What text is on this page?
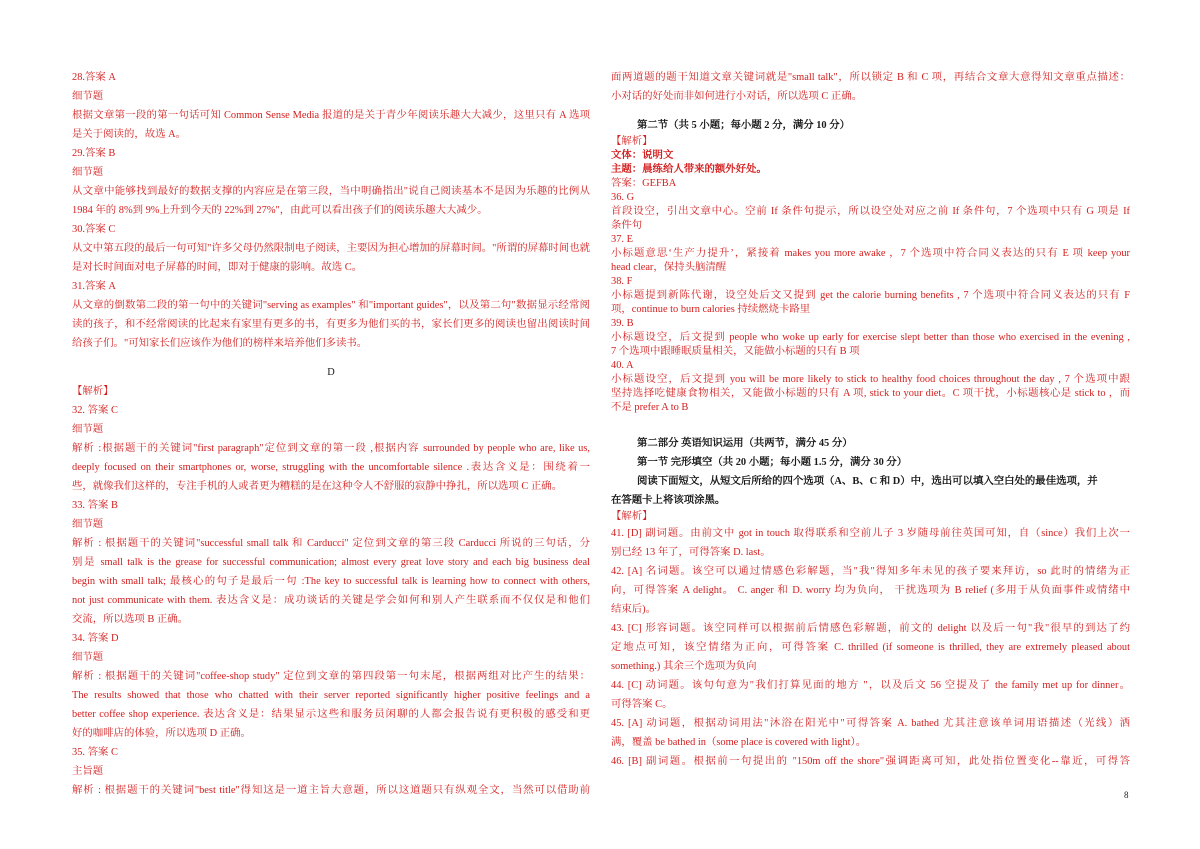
28.答案 A
细节题
根据文章第一段的第一句话可知 Common Sense Media 报道的是关于青少年阅读乐趣大大减少，这里只有 A 选项
是关于阅读的，故选 A。
29.答案 B
细节题
从文章中能够找到最好的数据支撑的内容应是在第三段，当中明确指出"说自己阅读基本不是因为乐趣的比例从
1984 年的 8%到 9%上升到今天的 22%到 27%"，由此可以看出孩子们的阅读乐趣大大减少。
30.答案 C
从文中第五段的最后一句可知"许多父母仍然限制电子阅读，主要因为担心增加的屏幕时间。"所谓的屏幕时间也就
是对长时间面对电子屏幕的时间，即对于健康的影响。故选 C。
31.答案 A
从文章的倒数第二段的第一句中的关键词"serving as examples" 和"important guides"，以及第二句"数据显示经常阅
读的孩子，和不经常阅读的比起来有家里有更多的书，有更多为他们买的书，家长们更多的阅读也留出阅读时间
给孩子们。"可知家长们应该作为他们的榜样来培养他们多读书。
D
【解析】
32. 答案 C
细节题
解析 :根据题干的关键词"first paragraph"定位到文章的第一段 ,根据内容 surrounded by people who are, like us,
deeply focused on their smartphones or, worse, struggling with the uncomfortable silence .表达含义是：围绕着一
些，就像我们这样的，专注手机的人或者更为糟糕的是在这种令人不舒服的寂静中挣扎，所以选项 C 正确。
33. 答案 B
细节题
解析 : 根据题干的关键词"successful small talk 和 Carducci" 定位到文章的第三段 Carducci 所说的三句话，分
别是 small talk is the grease for successful communication; almost every great love story and each big business deal
begin with small talk; 最核心的句子是最后一句 :The key to successful talk is learning how to connect with others,
not just communicate with them. 表达含义是：成功谈话的关键是学会如何和别人产生联系而不仅仅是和他们
交流，所以选项 B 正确。
34. 答案 D
细节题
解析 : 根据题干的关键词"coffee-shop study" 定位到文章的第四段第一句末尾，根据两组对比产生的结果：
The results showed that those who chatted with their server reported significantly higher positive feelings and a
better coffee shop experience. 表达含义是：结果显示这些和服务员闲聊的人都会报告说有更积极的感受和更
好的咖啡店的体验，所以选项 D 正确。
35. 答案 C
主旨题
解析 : 根据题干的关键词"best title"得知这是一道主旨大意题，所以这道题只有纵观全文，当然可以借助前
面两道题的题干知道文章关键词就是"small talk"，所以锁定 B 和 C 项，再结合文章大意得知文章重点描述：
小对话的好处而非如何进行小对话，所以选项 C 正确。
第二节（共 5 小题；每小题 2 分，满分 10 分）
【解析】
文体：说明文
主题：晨练给人带来的额外好处。
答案：GEFBA
36. G
首段设空，引出文章中心。空前 If 条件句提示，所以设空处对应之前 If 条件句，7 个选项中只有 G 项是 If
条件句
37. E
小标题意思‘生产力提升’，紧接着 makes you more awake ，7 个选项中符合同义表达的只有 E 项 keep your
head clear，保持头脑清醒
38. F
小标题提到新陈代谢，设空处后文又提到 get the calorie burning benefits , 7 个选项中符合同义表达的只有 F
项，continue to burn calories 持续燃烧卡路里
39. B
小标题设空，后文提到 people who woke up early for exercise slept better than those who exercised in the evening ,
7 个选项中跟睡眠质量相关，又能做小标题的只有 B 项
40. A
小标题设空，后文提到 you will be more likely to stick to healthy food choices throughout the day , 7 个选项中跟
坚持选择吃健康食物相关，又能做小标题的只有 A 项, stick to your diet。C 项干扰，小标题核心是 stick to ，而
不是 prefer A to B
第二部分 英语知识运用（共两节，满分 45 分）
第一节 完形填空（共 20 小题；每小题 1.5 分，满分 30 分）
阅读下面短文，从短文后所给的四个选项（A、B、C 和 D）中，选出可以填入空白处的最佳选项，并
在答题卡上将该项涂黑。
【解析】
41. [D] 副词题。由前文中 got in touch 取得联系和空前儿子 3 岁随母前往英国可知，自（since）我们上次一
别已经 13 年了，可得答案 D. last。
42. [A] 名词题。该空可以通过情感色彩解题，当"我"得知多年未见的孩子要来拜访，so 此时的情绪为正
向，可得答案 A delight。 C. anger 和 D. worry 均为负向， 干扰选项为 B relief (多用于从负面事件或情绪中
结束后)。
43. [C] 形容词题。该空同样可以根据前后情感色彩解题，前文的 delight 以及后一句"我"很早的到达了约
定地点可知，该空情绪为正向，可得答案 C. thrilled (if someone is thrilled, they are extremely pleased about
something.) 其余三个选项为负向
44. [C] 动词题。该句句意为"我们打算见面的地方 "，以及后文 56 空提及了 the family met up for dinner。
可得答案 C。
45. [A] 动词题，根据动词用法"沐浴在阳光中"可得答案 A. bathed 尤其注意该单词用语描述（光线）洒
满，覆盖 be bathed in（some place is covered with light）。
46. [B] 副词题。根据前一句提出的 "150m off the shore"强调距离可知，此处指位置变化--靠近，可得答
8
